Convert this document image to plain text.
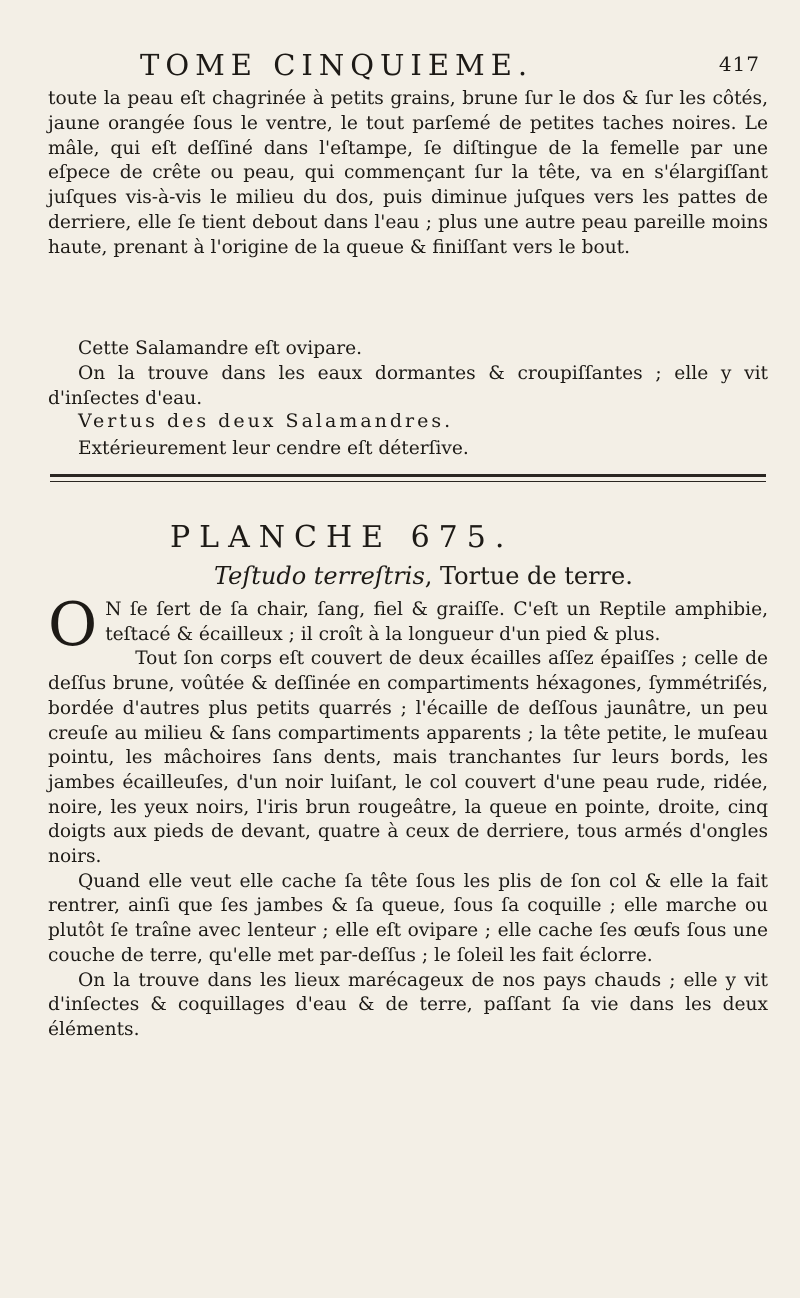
TOME CINQUIEME.	417

toute la peau eſt chagrinée à petits grains, brune ſur le dos & ſur les côtés, jaune orangée ſous le ventre, le tout parſemé de petites taches noires. Le mâle, qui eſt deſſiné dans l'eſtampe, ſe diſtingue de la femelle par une eſpece de crête ou peau, qui commençant ſur la tête, va en s'élargiſſant juſques vis-à-vis le milieu du dos, puis diminue juſques vers les pattes de derriere, elle ſe tient debout dans l'eau ; plus une autre peau pareille moins haute, prenant à l'origine de la queue & finiſſant vers le bout.

Cette Salamandre eſt ovipare.

On la trouve dans les eaux dormantes & croupiſſantes ; elle y vit d'inſectes d'eau.

Vertus des deux Salamandres.

Extérieurement leur cendre eſt déterſive.

PLANCHE 675.
Teſtudo terreſtris, Tortue de terre.

O N ſe ſert de ſa chair, ſang, fiel & graiſſe. C'eſt un Reptile amphibie, teſtacé & écailleux ; il croît à la longueur d'un pied & plus.

Tout ſon corps eſt couvert de deux écailles aſſez épaiſſes ; celle de deſſus brune, voûtée & deſſinée en compartiments héxagones, ſymmétriſés, bordée d'autres plus petits quarrés ; l'écaille de deſſous jaunâtre, un peu creuſe au milieu & ſans compartiments apparents ; la tête petite, le muſeau pointu, les mâchoires ſans dents, mais tranchantes ſur leurs bords, les jambes écailleuſes, d'un noir luiſant, le col couvert d'une peau rude, ridée, noire, les yeux noirs, l'iris brun rougeâtre, la queue en pointe, droite, cinq doigts aux pieds de devant, quatre à ceux de derriere, tous armés d'ongles noirs.

Quand elle veut elle cache ſa tête ſous les plis de ſon col & elle la fait rentrer, ainſi que ſes jambes & ſa queue, ſous ſa coquille ; elle marche ou plutôt ſe traîne avec lenteur ; elle eſt ovipare ; elle cache ſes œufs ſous une couche de terre, qu'elle met par-deſſus ; le ſoleil les fait éclorre.

On la trouve dans les lieux marécageux de nos pays chauds ; elle y vit d'inſectes & coquillages d'eau & de terre, paſſant ſa vie dans les deux éléments.
